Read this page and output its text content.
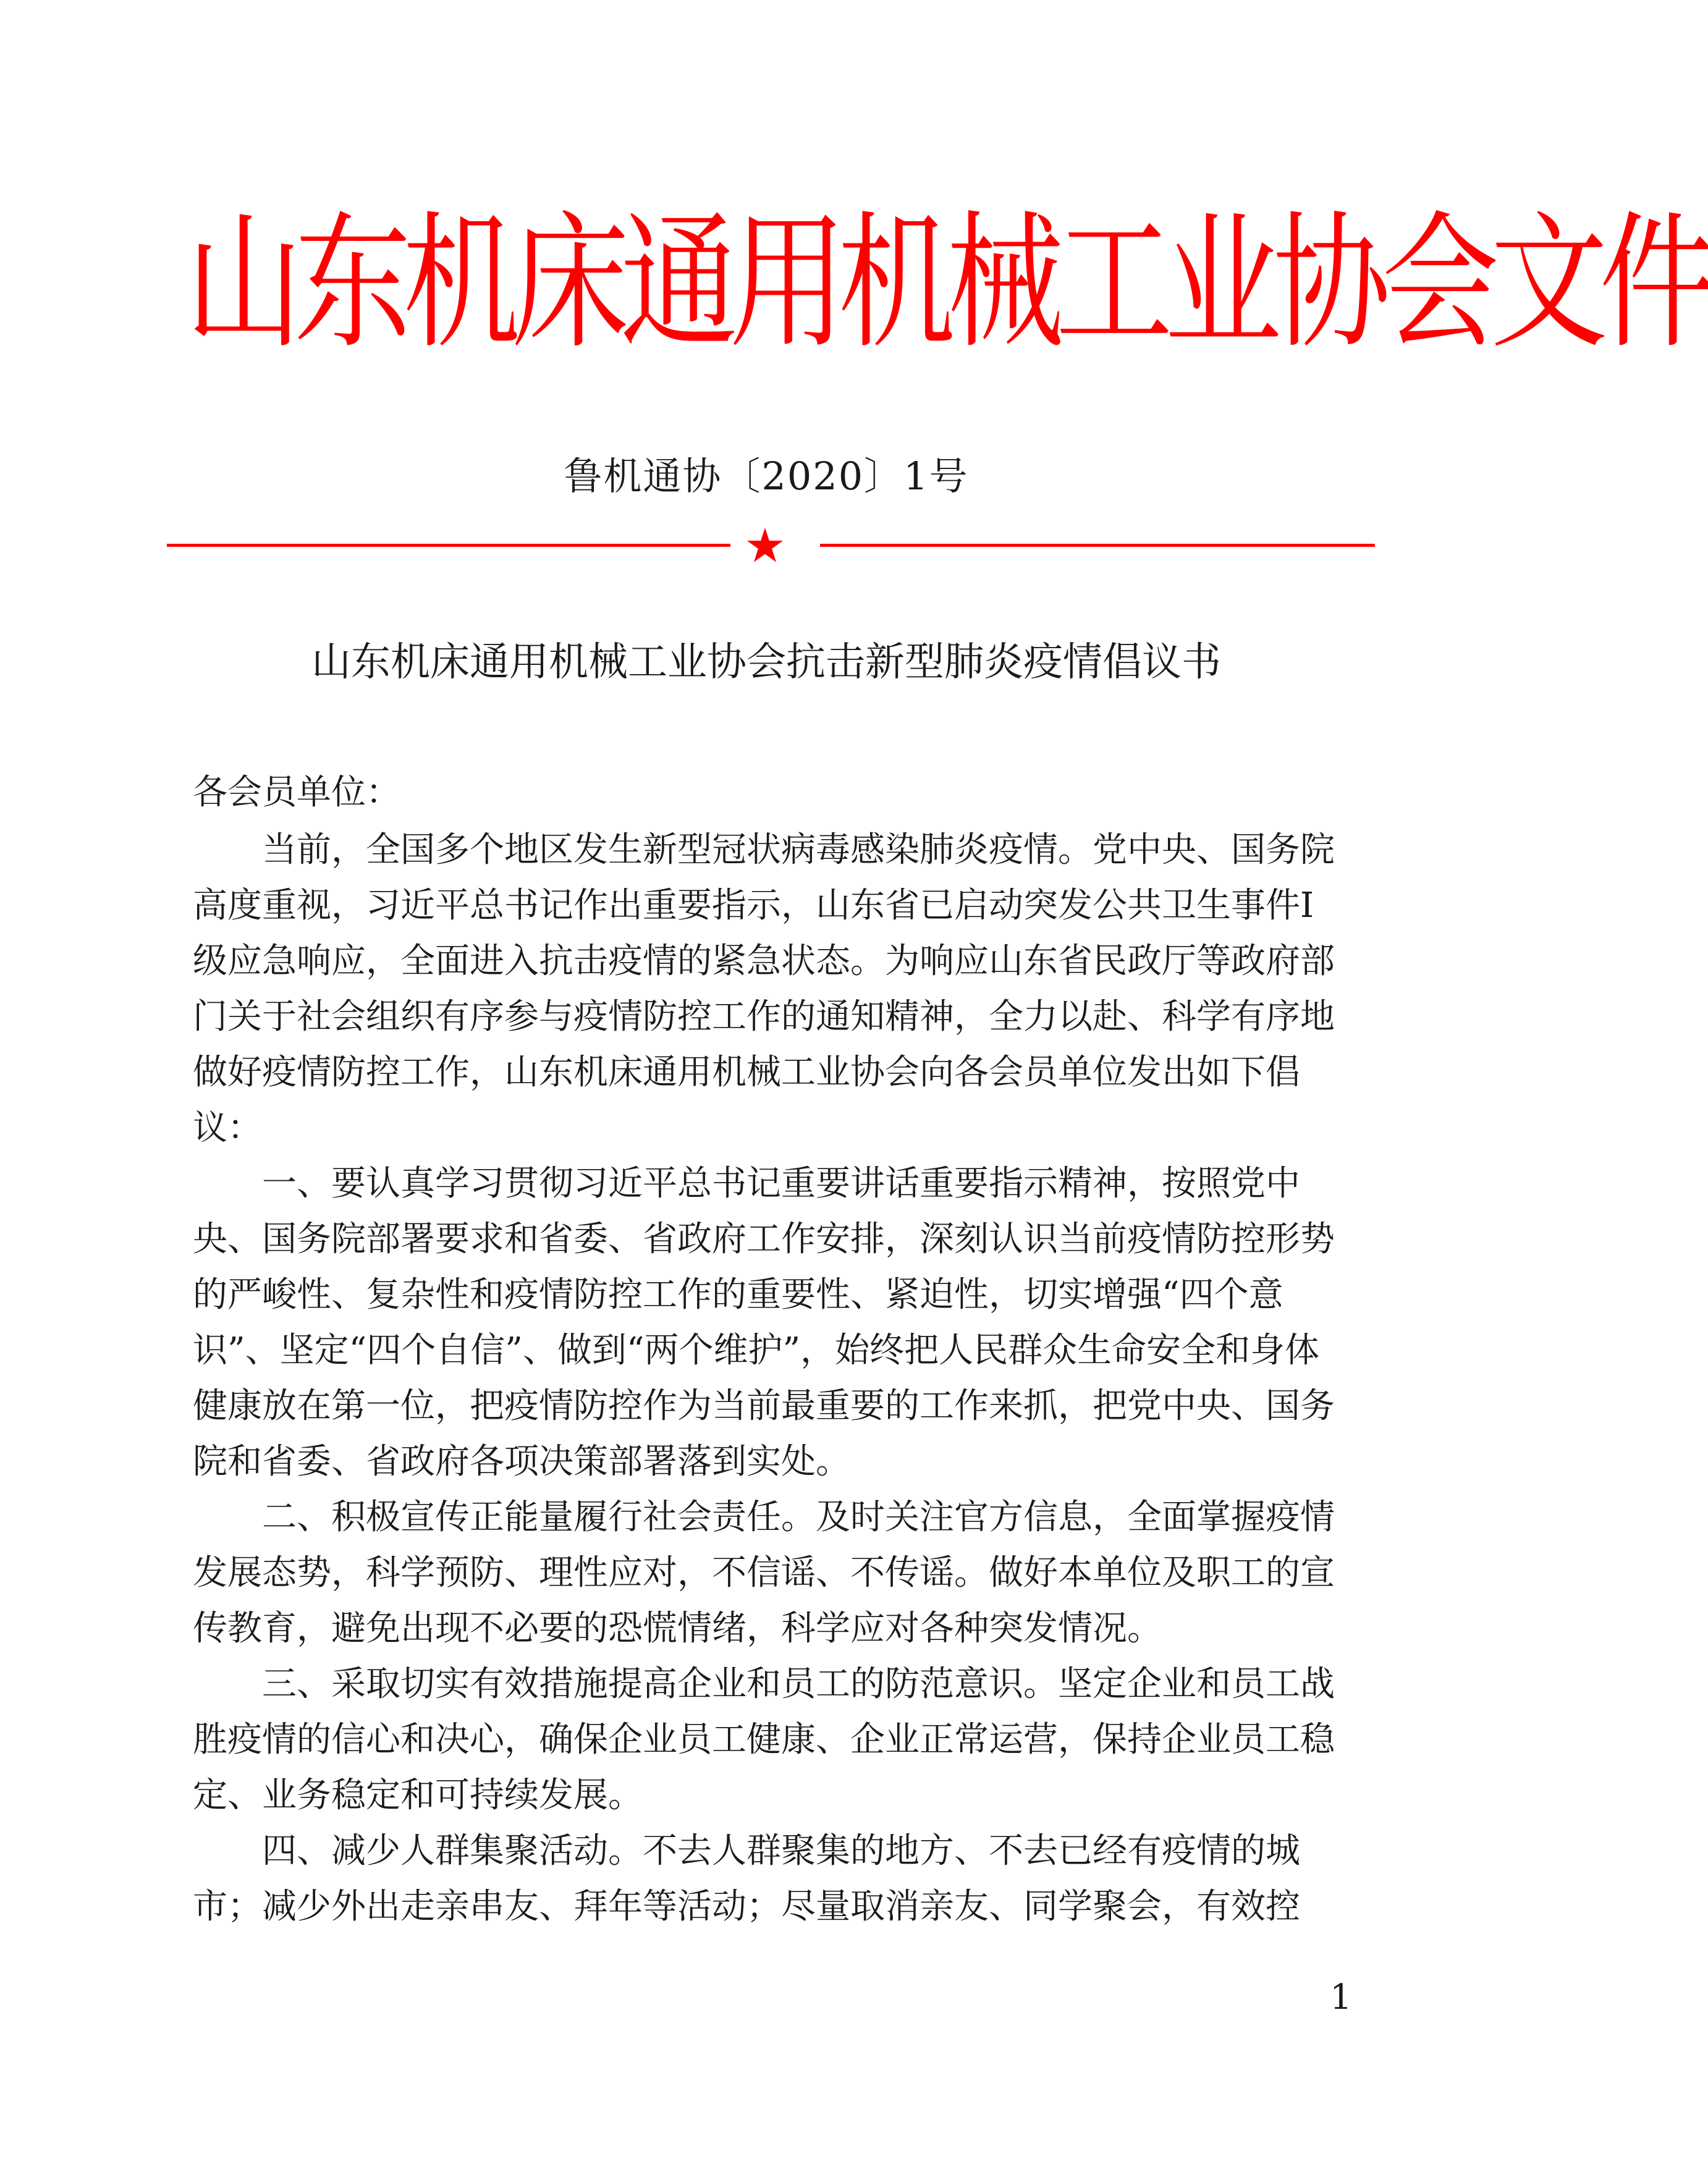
山东机床通用机械工业协会文件
鲁机通协〔2020〕1号
山东机床通用机械工业协会抗击新型肺炎疫情倡议书

各会员单位：

当前，全国多个地区发生新型冠状病毒感染肺炎疫情。党中央、国务院高度重视，习近平总书记作出重要指示，山东省已启动突发公共卫生事件Ⅰ级应急响应，全面进入抗击疫情的紧急状态。为响应山东省民政厅等政府部门关于社会组织有序参与疫情防控工作的通知精神，全力以赴、科学有序地做好疫情防控工作，山东机床通用机械工业协会向各会员单位发出如下倡议：

一、要认真学习贯彻习近平总书记重要讲话重要指示精神，按照党中央、国务院部署要求和省委、省政府工作安排，深刻认识当前疫情防控形势的严峻性、复杂性和疫情防控工作的重要性、紧迫性，切实增强“四个意识”、坚定“四个自信”、做到“两个维护”，始终把人民群众生命安全和身体健康放在第一位，把疫情防控作为当前最重要的工作来抓，把党中央、国务院和省委、省政府各项决策部署落到实处。

二、积极宣传正能量履行社会责任。及时关注官方信息，全面掌握疫情发展态势，科学预防、理性应对，不信谣、不传谣。做好本单位及职工的宣传教育，避免出现不必要的恐慌情绪，科学应对各种突发情况。

三、采取切实有效措施提高企业和员工的防范意识。坚定企业和员工战胜疫情的信心和决心，确保企业员工健康、企业正常运营，保持企业员工稳定、业务稳定和可持续发展。

四、减少人群集聚活动。不去人群聚集的地方、不去已经有疫情的城市；减少外出走亲串友、拜年等活动；尽量取消亲友、同学聚会，有效控

1
